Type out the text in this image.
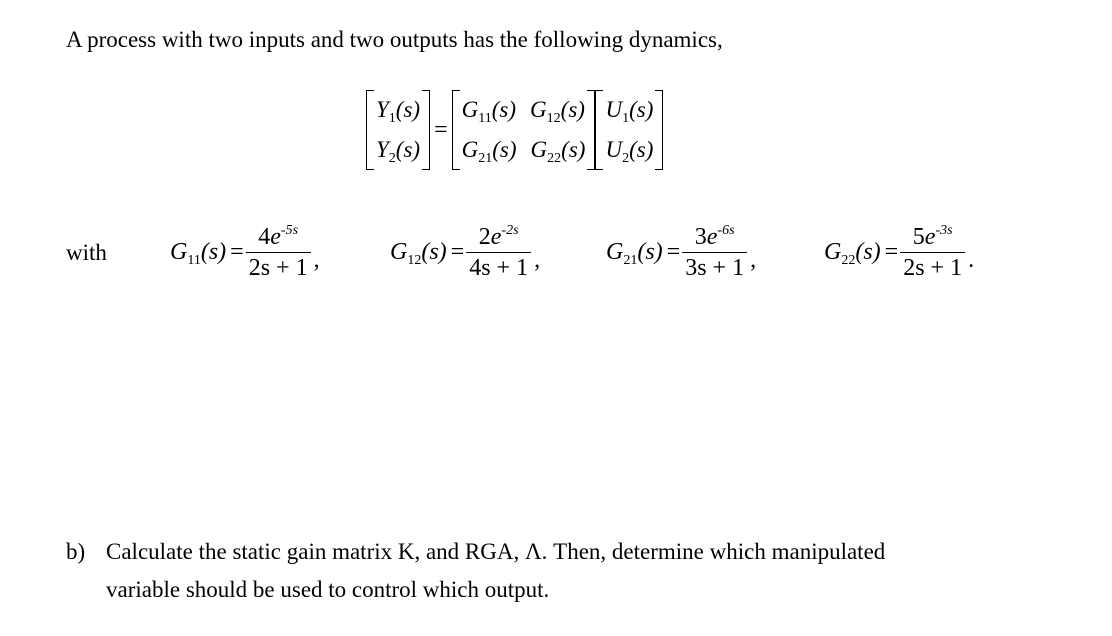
A process with two inputs and two outputs has the following dynamics,
$Y_1(s)$
$Y_2(s)$
=
$G_{11}(s)$ $G_{12}(s)$
$G_{21}(s)$ $G_{22}(s)$
$U_1(s)$
$U_2(s)$
with	$G_{11}(s) = \frac{4e^{-5s}}{2s + 1}$ ,	$G_{12}(s) = \frac{2e^{-2s}}{4s + 1}$ ,	$G_{21}(s) = \frac{3e^{-6s}}{3s + 1}$ ,	$G_{22}(s) = \frac{5e^{-3s}}{2s + 1}$ .
b) Calculate the static gain matrix K, and RGA, Λ. Then, determine which manipulated
variable should be used to control which output.
